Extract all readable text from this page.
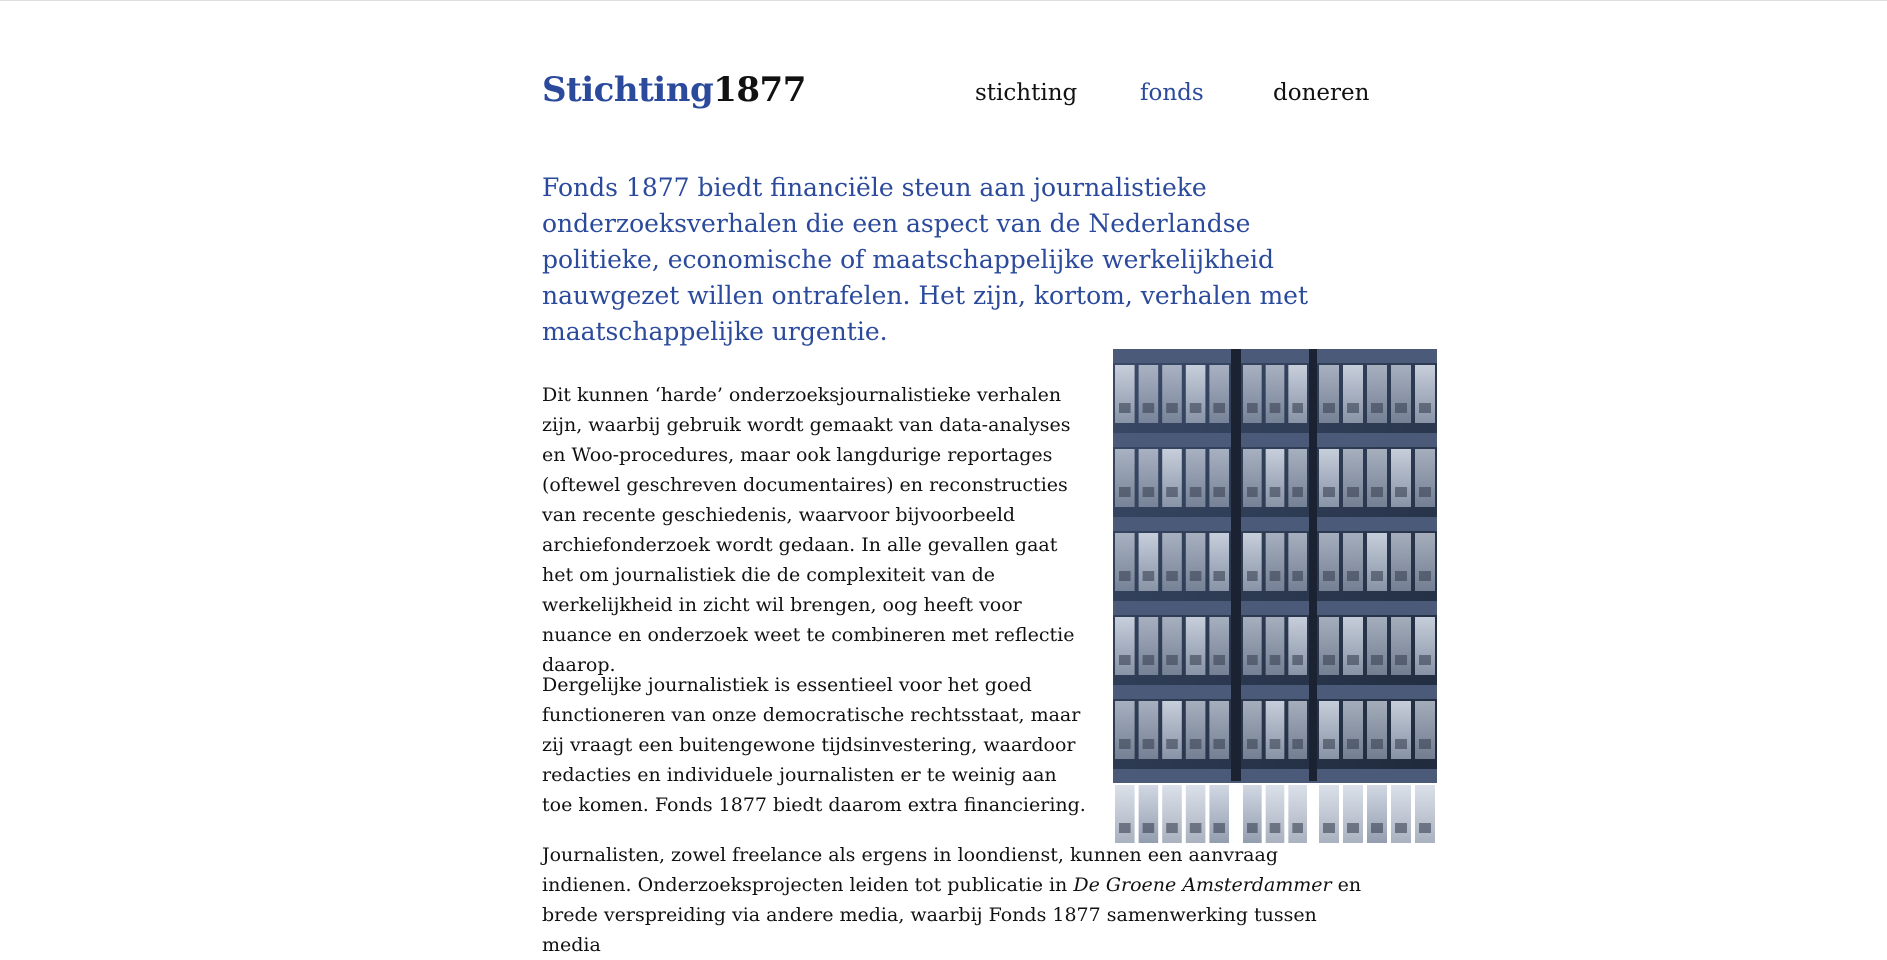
Stichting1877	stichting	fonds	doneren

Fonds 1877 biedt financiële steun aan journalistieke onderzoeksverhalen die een aspect van de Nederlandse politieke, economische of maatschappelijke werkelijkheid nauwgezet willen ontrafelen. Het zijn, kortom, verhalen met maatschappelijke urgentie.

Dit kunnen ‘harde’ onderzoeksjournalistieke verhalen zijn, waarbij gebruik wordt gemaakt van data-analyses en Woo-procedures, maar ook langdurige reportages (oftewel geschreven documentaires) en reconstructies van recente geschiedenis, waarvoor bijvoorbeeld archiefonderzoek wordt gedaan. In alle gevallen gaat het om journalistiek die de complexiteit van de werkelijkheid in zicht wil brengen, oog heeft voor nuance en onderzoek weet te combineren met reflectie daarop.

Dergelijke journalistiek is essentieel voor het goed functioneren van onze democratische rechtsstaat, maar zij vraagt een buitengewone tijdsinvestering, waardoor redacties en individuele journalisten er te weinig aan toe komen. Fonds 1877 biedt daarom extra financiering.

Journalisten, zowel freelance als ergens in loondienst, kunnen een aanvraag indienen. Onderzoeksprojecten leiden tot publicatie in De Groene Amsterdammer en brede verspreiding via andere media, waarbij Fonds 1877 samenwerking tussen media
